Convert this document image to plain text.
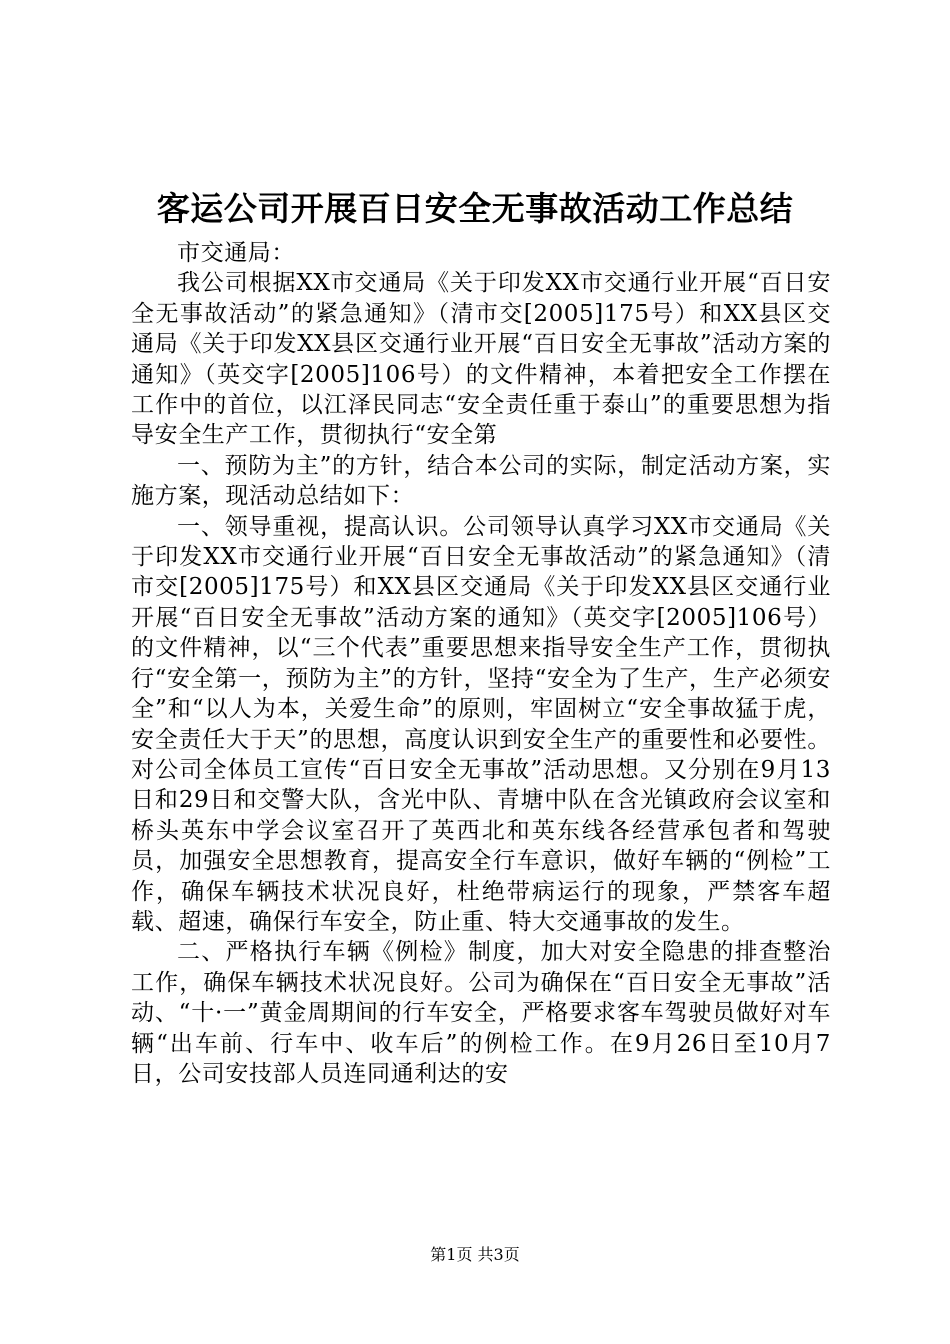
客运公司开展百日安全无事故活动工作总结

市交通局：

我公司根据XX市交通局《关于印发XX市交通行业开展“百日安全无事故活动”的紧急通知》（清市交[2005]175号）和XX县区交通局《关于印发XX县区交通行业开展“百日安全无事故”活动方案的通知》（英交字[2005]106号）的文件精神，本着把安全工作摆在工作中的首位，以江泽民同志“安全责任重于泰山”的重要思想为指导安全生产工作，贯彻执行“安全第

一、预防为主”的方针，结合本公司的实际，制定活动方案，实施方案，现活动总结如下：

一、领导重视，提高认识。公司领导认真学习XX市交通局《关于印发XX市交通行业开展“百日安全无事故活动”的紧急通知》（清市交[2005]175号）和XX县区交通局《关于印发XX县区交通行业开展“百日安全无事故”活动方案的通知》（英交字[2005]106号）的文件精神，以“三个代表”重要思想来指导安全生产工作，贯彻执行“安全第一，预防为主”的方针，坚持“安全为了生产，生产必须安全”和“以人为本，关爱生命”的原则，牢固树立“安全事故猛于虎，安全责任大于天”的思想，高度认识到安全生产的重要性和必要性。对公司全体员工宣传“百日安全无事故”活动思想。又分别在9月13日和29日和交警大队，含光中队、青塘中队在含光镇政府会议室和桥头英东中学会议室召开了英西北和英东线各经营承包者和驾驶员，加强安全思想教育，提高安全行车意识，做好车辆的“例检”工作，确保车辆技术状况良好，杜绝带病运行的现象，严禁客车超载、超速，确保行车安全，防止重、特大交通事故的发生。

二、严格执行车辆《例检》制度，加大对安全隐患的排查整治工作，确保车辆技术状况良好。公司为确保在“百日安全无事故”活动、“十·一”黄金周期间的行车安全，严格要求客车驾驶员做好对车辆“出车前、行车中、收车后”的例检工作。在9月26日至10月7日，公司安技部人员连同通利达的安

第1页 共3页
